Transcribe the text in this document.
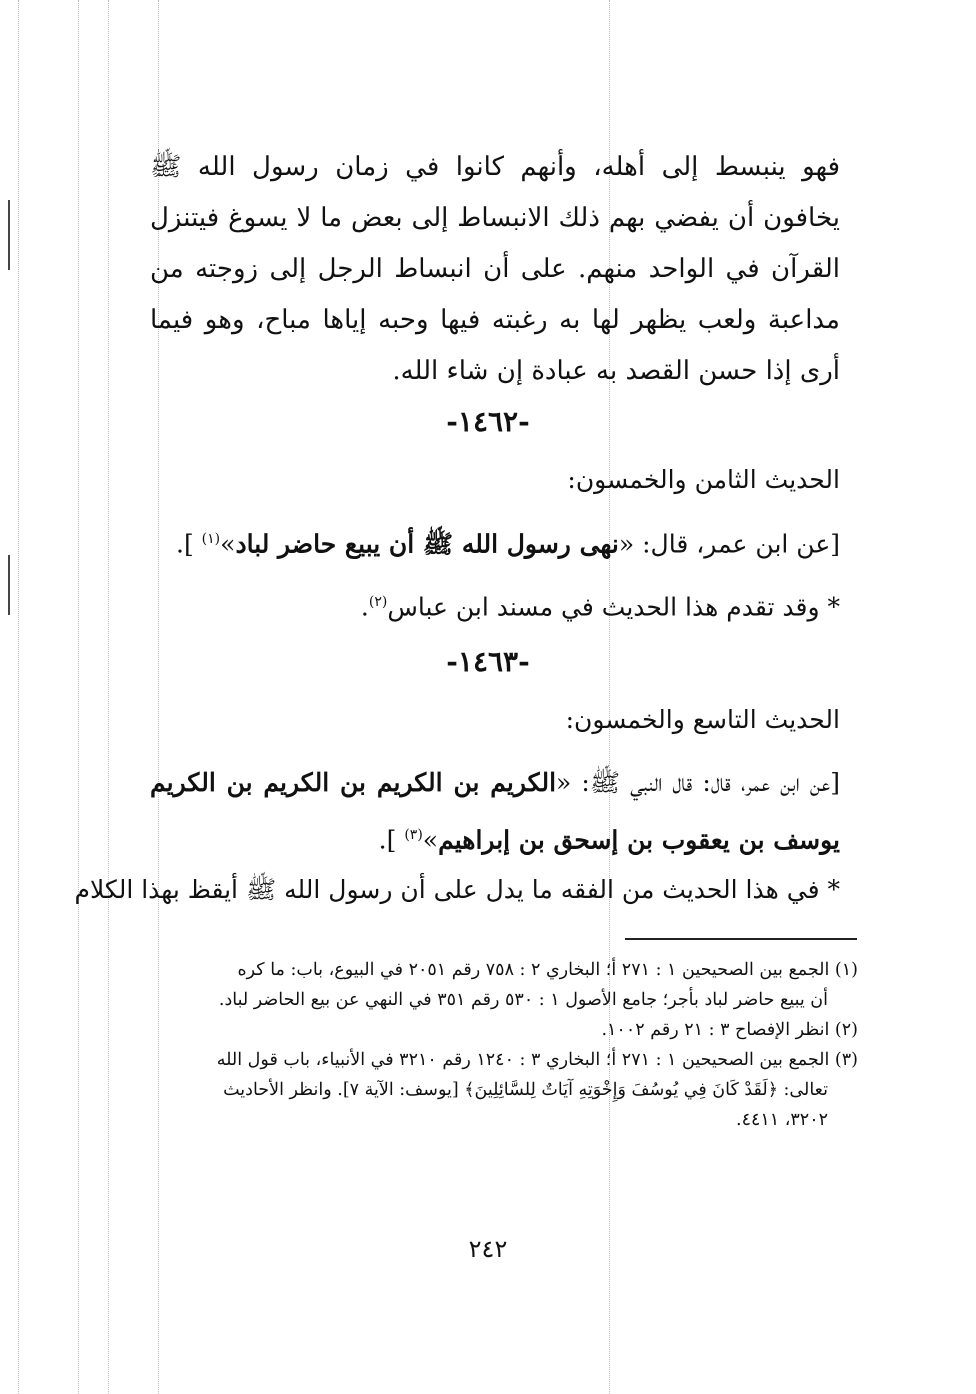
فهو ينبسط إلى أهله، وأنهم كانوا في زمان رسول الله ﷺ يخافون أن يفضي بهم ذلك الانبساط إلى بعض ما لا يسوغ فيتنزل القرآن في الواحد منهم. على أن انبساط الرجل إلى زوجته من مداعبة ولعب يظهر لها به رغبته فيها وحبه إياها مباح، وهو فيما أرى إذا حسن القصد به عبادة إن شاء الله.
-١٤٦٢-
الحديث الثامن والخمسون:
[عن ابن عمر، قال: «نهى رسول الله ﷺ أن يبيع حاضر لباد»$^{(١)}$ ].
* وقد تقدم هذا الحديث في مسند ابن عباس$^{(٢)}$.
-١٤٦٣-
الحديث التاسع والخمسون:
[عن ابن عمر، قال: قال النبي ﷺ: «الكريم بن الكريم بن الكريم بن الكريم يوسف بن يعقوب بن إسحق بن إبراهيم»$^{(٣)}$ ].
* في هذا الحديث من الفقه ما يدل على أن رسول الله ﷺ أيقظ بهذا الكلام

(١) الجمع بين الصحيحين ١ : ٢٧١ أ؛ البخاري ٢ : ٧٥٨ رقم ٢٠٥١ في البيوع، باب: ما كره

أن يبيع حاضر لباد بأجر؛ جامع الأصول ١ : ٥٣٠ رقم ٣٥١ في النهي عن بيع الحاضر لباد.

(٢) انظر الإفصاح ٣ : ٢١ رقم ١٠٠٢.

(٣) الجمع بين الصحيحين ١ : ٢٧١ أ؛ البخاري ٣ : ١٢٤٠ رقم ٣٢١٠ في الأنبياء، باب قول الله

تعالى: ﴿لَقَدْ كَانَ فِي يُوسُفَ وَإِخْوَتِهِ آيَاتٌ لِلسَّائِلِينَ﴾ [يوسف: الآية ٧]. وانظر الأحاديث

٣٢٠٢، ٤٤١١.

٢٤٢
